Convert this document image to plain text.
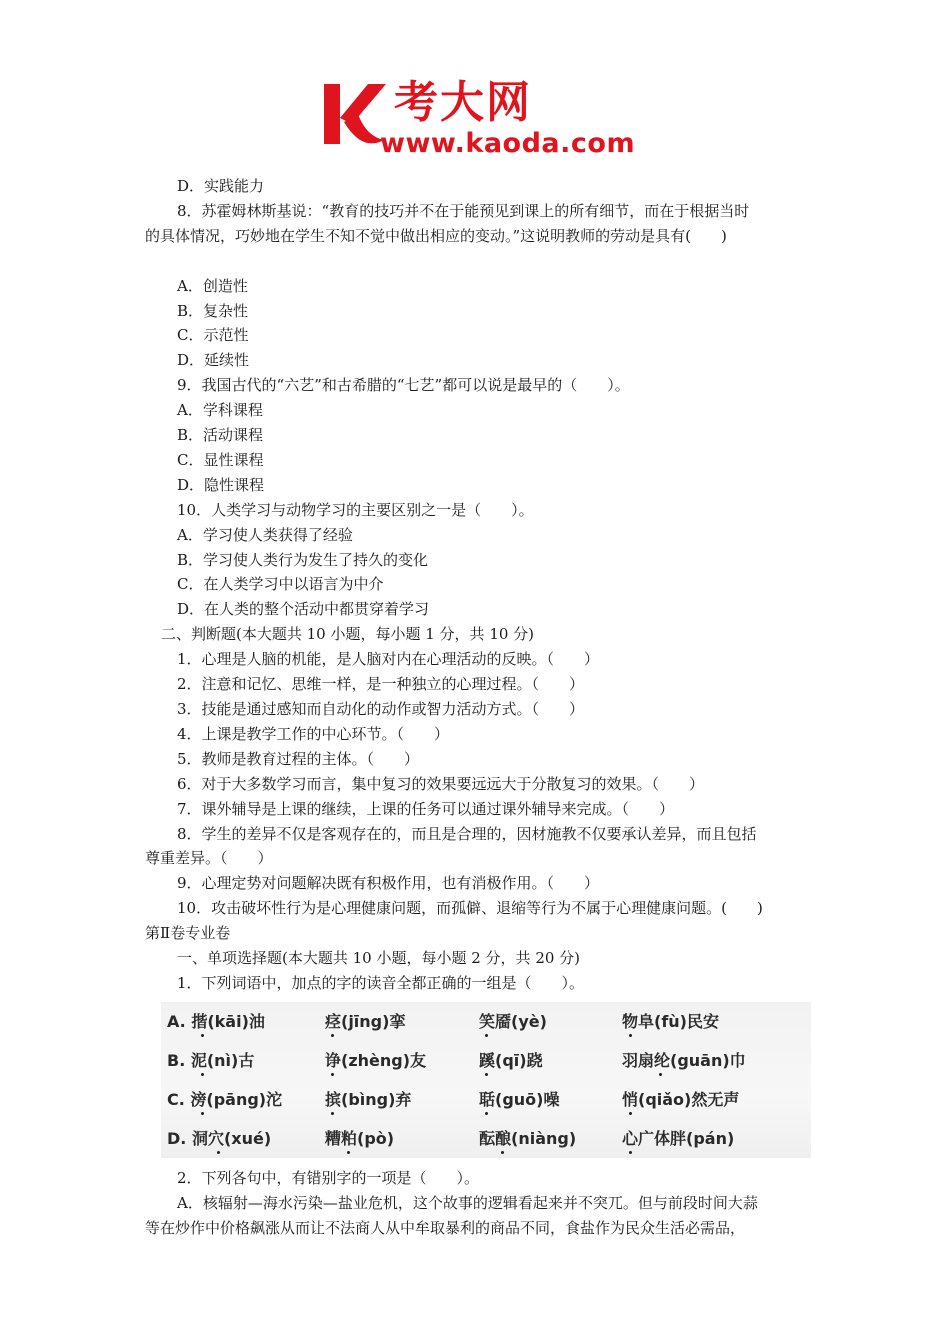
考大网
www.kaoda.com

D．实践能力

8．苏霍姆林斯基说：“教育的技巧并不在于能预见到课上的所有细节，而在于根据当时

的具体情况，巧妙地在学生不知不觉中做出相应的变动。”这说明教师的劳动是具有(　　)

A．创造性

B．复杂性

C．示范性

D．延续性

9．我国古代的“六艺”和古希腊的“七艺”都可以说是最早的（　　）。

A．学科课程

B．活动课程

C．显性课程

D．隐性课程

10．人类学习与动物学习的主要区别之一是（　　）。

A．学习使人类获得了经验

B．学习使人类行为发生了持久的变化

C．在人类学习中以语言为中介

D．在人类的整个活动中都贯穿着学习

二、判断题(本大题共 10 小题，每小题 1 分，共 10 分)

1．心理是人脑的机能，是人脑对内在心理活动的反映。（　　）

2．注意和记忆、思维一样，是一种独立的心理过程。（　　）

3．技能是通过感知而自动化的动作或智力活动方式。（　　）

4．上课是教学工作的中心环节。（　　）

5．教师是教育过程的主体。（　　）

6．对于大多数学习而言，集中复习的效果要远远大于分散复习的效果。（　　）

7．课外辅导是上课的继续，上课的任务可以通过课外辅导来完成。（　　）

8．学生的差异不仅是客观存在的，而且是合理的，因材施教不仅要承认差异，而且包括

尊重差异。（　　）

9．心理定势对问题解决既有积极作用，也有消极作用。（　　）

10．攻击破坏性行为是心理健康问题，而孤僻、退缩等行为不属于心理健康问题。(　　)

第Ⅱ卷专业卷

一、单项选择题(本大题共 10 小题，每小题 2 分，共 20 分)

1．下列词语中，加点的字的读音全都正确的一组是（　　）。

A. 揩(kāi)油	痉(jīng)挛	笑靥(yè)	物阜(fù)民安
B. 泥(nì)古	诤(zhèng)友	蹊(qī)跷	羽扇纶(guān)巾
C. 滂(pāng)沱	摈(bìng)弃	聒(guō)噪	悄(qiǎo)然无声
D. 洞穴(xué)	糟粕(pò)	酝酿(niàng)	心广体胖(pán)

2．下列各句中，有错别字的一项是（　　）。

A．核辐射—海水污染—盐业危机，这个故事的逻辑看起来并不突兀。但与前段时间大蒜

等在炒作中价格飙涨从而让不法商人从中牟取暴利的商品不同，食盐作为民众生活必需品，
